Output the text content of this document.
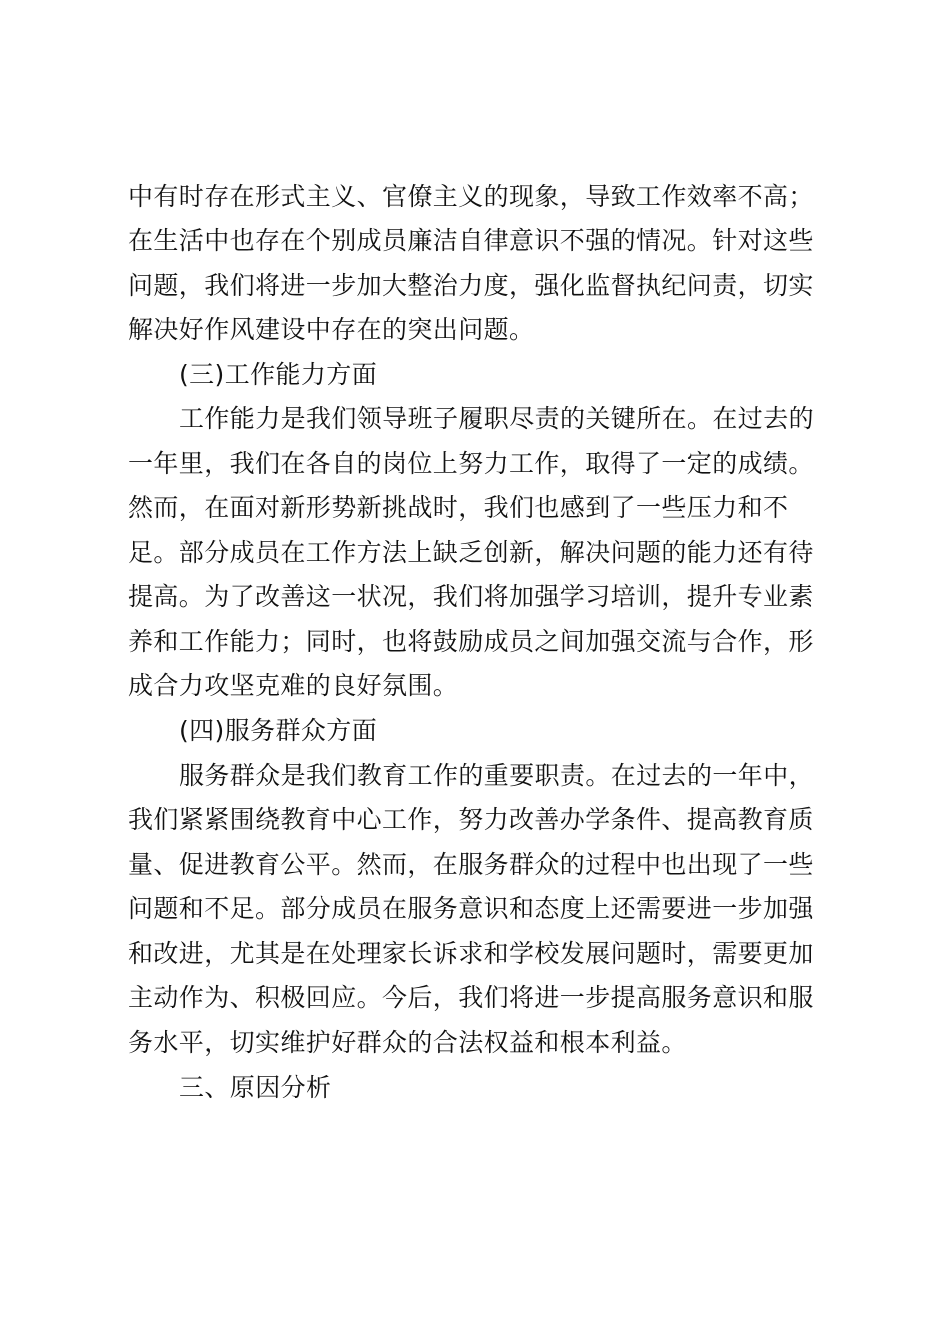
中有时存在形式主义、官僚主义的现象，导致工作效率不高；
在生活中也存在个别成员廉洁自律意识不强的情况。针对这些
问题，我们将进一步加大整治力度，强化监督执纪问责，切实
解决好作风建设中存在的突出问题。
(三)工作能力方面
工作能力是我们领导班子履职尽责的关键所在。在过去的
一年里，我们在各自的岗位上努力工作，取得了一定的成绩。
然而，在面对新形势新挑战时，我们也感到了一些压力和不
足。部分成员在工作方法上缺乏创新，解决问题的能力还有待
提高。为了改善这一状况，我们将加强学习培训，提升专业素
养和工作能力；同时，也将鼓励成员之间加强交流与合作，形
成合力攻坚克难的良好氛围。
(四)服务群众方面
服务群众是我们教育工作的重要职责。在过去的一年中，
我们紧紧围绕教育中心工作，努力改善办学条件、提高教育质
量、促进教育公平。然而，在服务群众的过程中也出现了一些
问题和不足。部分成员在服务意识和态度上还需要进一步加强
和改进，尤其是在处理家长诉求和学校发展问题时，需要更加
主动作为、积极回应。今后，我们将进一步提高服务意识和服
务水平，切实维护好群众的合法权益和根本利益。
三、原因分析
